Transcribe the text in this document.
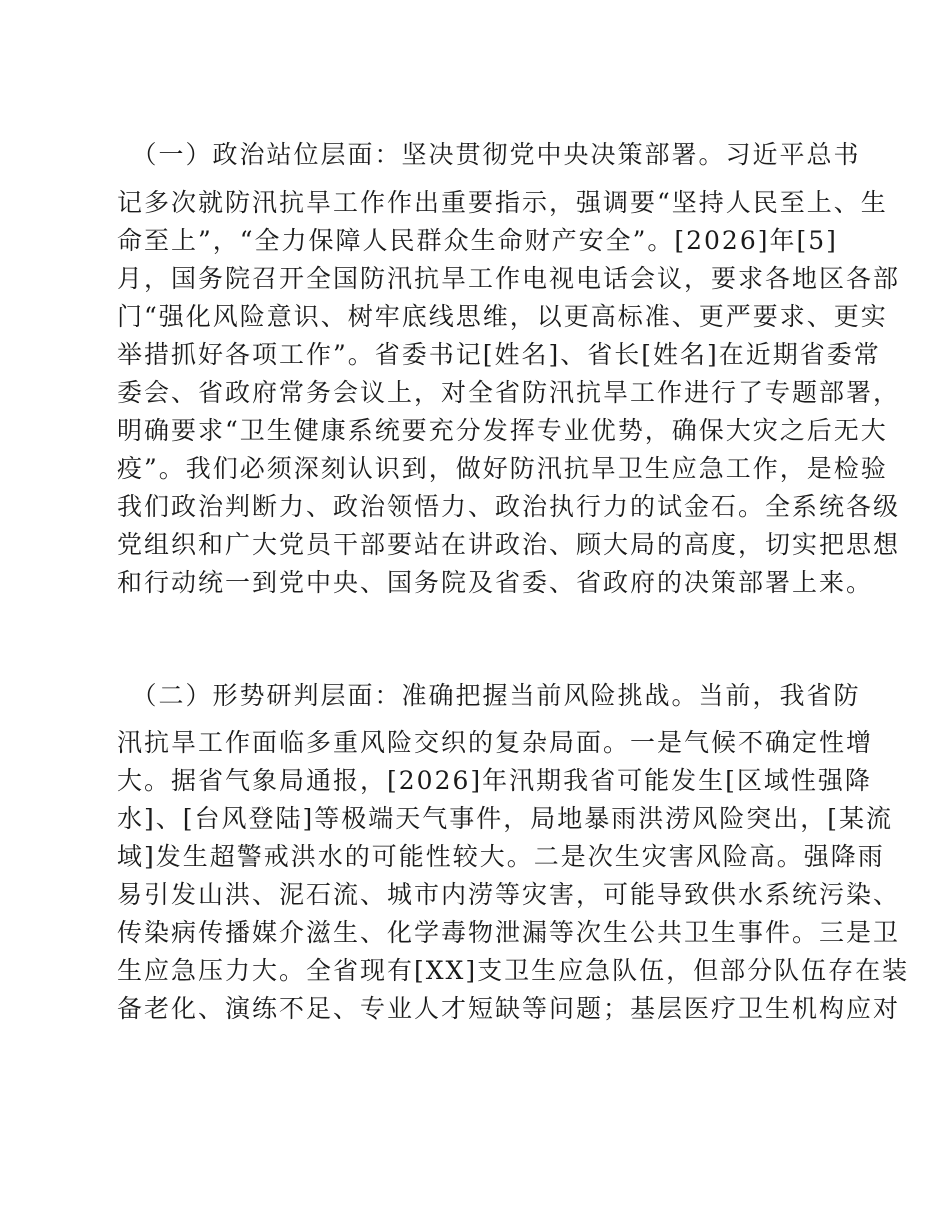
　（一）政治站位层面：坚决贯彻党中央决策部署。习近平总书

记多次就防汛抗旱工作作出重要指示，强调要“坚持人民至上、生

命至上”，“全力保障人民群众生命财产安全”。[2026]年[5]

月，国务院召开全国防汛抗旱工作电视电话会议，要求各地区各部

门“强化风险意识、树牢底线思维，以更高标准、更严要求、更实

举措抓好各项工作”。省委书记[姓名]、省长[姓名]在近期省委常

委会、省政府常务会议上，对全省防汛抗旱工作进行了专题部署，

明确要求“卫生健康系统要充分发挥专业优势，确保大灾之后无大

疫”。我们必须深刻认识到，做好防汛抗旱卫生应急工作，是检验

我们政治判断力、政治领悟力、政治执行力的试金石。全系统各级

党组织和广大党员干部要站在讲政治、顾大局的高度，切实把思想

和行动统一到党中央、国务院及省委、省政府的决策部署上来。

　（二）形势研判层面：准确把握当前风险挑战。当前，我省防

汛抗旱工作面临多重风险交织的复杂局面。一是气候不确定性增

大。据省气象局通报，[2026]年汛期我省可能发生[区域性强降

水]、[台风登陆]等极端天气事件，局地暴雨洪涝风险突出，[某流

域]发生超警戒洪水的可能性较大。二是次生灾害风险高。强降雨

易引发山洪、泥石流、城市内涝等灾害，可能导致供水系统污染、

传染病传播媒介滋生、化学毒物泄漏等次生公共卫生事件。三是卫

生应急压力大。全省现有[XX]支卫生应急队伍，但部分队伍存在装

备老化、演练不足、专业人才短缺等问题；基层医疗卫生机构应对
